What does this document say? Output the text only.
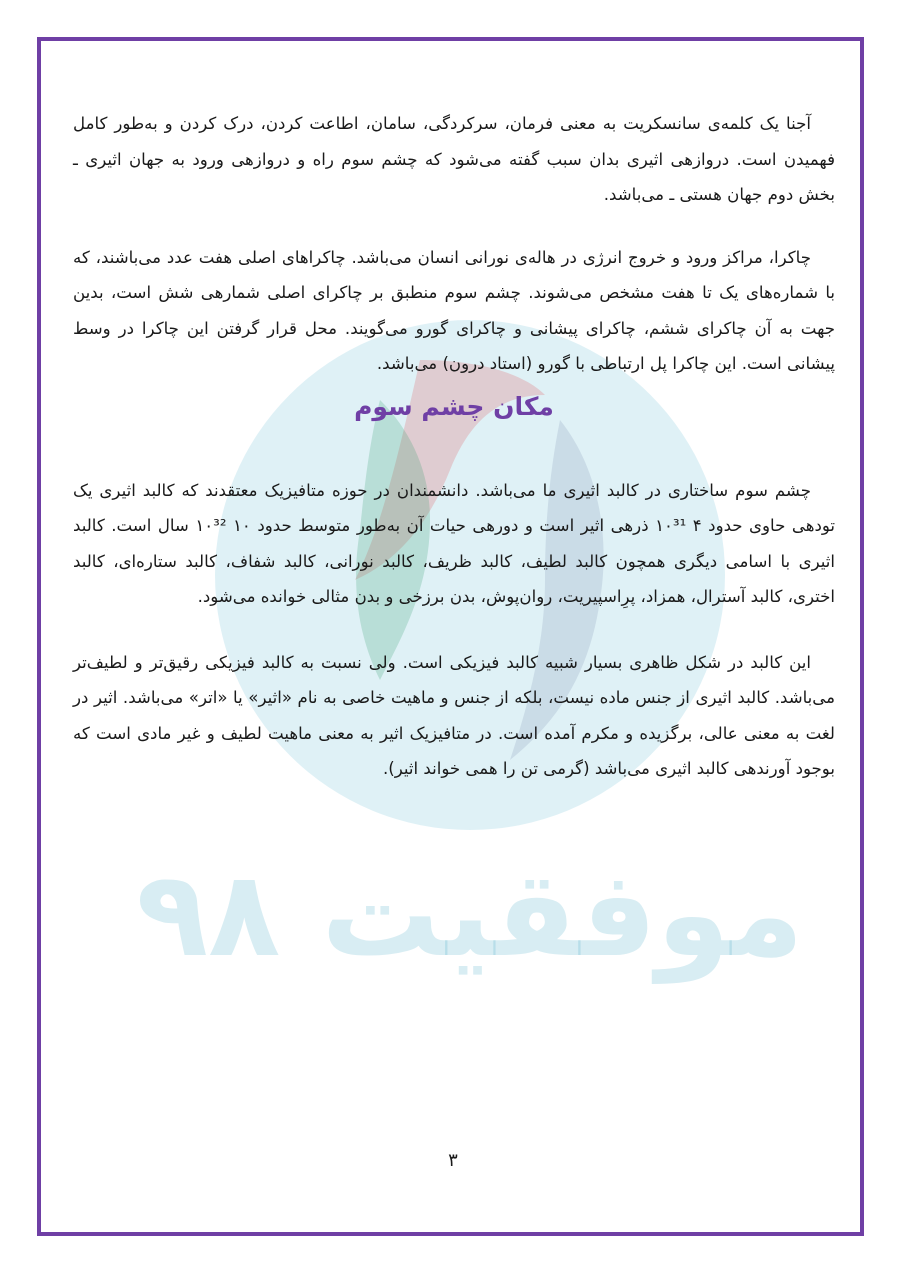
موفقیت ۹۸

آجنا یک کلمه‌ی سانسکریت به معنی فرمان، سرکردگی، سامان، اطاعت کردن، درک کردن و به‌طور کامل فهمیدن است. دروازهی اثیری بدان سبب گفته می‌شود که چشم سوم راه و دروازهی ورود به جهان اثیری ـ بخش دوم جهان هستی ـ می‌باشد.

چاکرا، مراکز ورود و خروج انرژی در هاله‌ی نورانی انسان می‌باشد. چاکراهای اصلی هفت عدد می‌باشند، که با شماره‌های یک تا هفت مشخص می‌شوند. چشم سوم منطبق بر چاکرای اصلی شمارهی شش است، بدین جهت به آن چاکرای ششم، چاکرای پیشانی و چاکرای گورو می‌گویند. محل قرار گرفتن این چاکرا در وسط پیشانی است. این چاکرا پل ارتباطی با گورو (استاد درون) می‌باشد.

مکان چشم سوم

چشم سوم ساختاری در کالبد اثیری ما می‌باشد. دانشمندان در حوزه متافیزیک معتقدند که کالبد اثیری یک تودهی حاوی حدود ۴ ۱۰³¹ ذرهی اثیر است و دورهی حیات آن به‌طور متوسط حدود ۱۰ ۱۰³² سال است. کالبد اثیری با اسامی دیگری همچون کالبد لطیف، کالبد ظریف، کالبد نورانی، کالبد شفاف، کالبد ستاره‌ای، کالبد اختری، کالبد آسترال، همزاد، پرِاسپیریت، روان‌پوش، بدن برزخی و بدن مثالی خوانده می‌شود.

این کالبد در شکل ظاهری بسیار شبیه کالبد فیزیکی است. ولی نسبت به کالبد فیزیکی رقیق‌تر و لطیف‌تر می‌باشد. کالبد اثیری از جنس ماده نیست، بلکه از جنس و ماهیت خاصی به نام «اثیر» یا «اتر» می‌باشد. اثیر در لغت به معنی عالی، برگزیده و مکرم آمده است. در متافیزیک اثیر به معنی ماهیت لطیف و غیر مادی است که بوجود آورندهی کالبد اثیری می‌باشد (گرمی تن را همی خواند اثیر).

۳
